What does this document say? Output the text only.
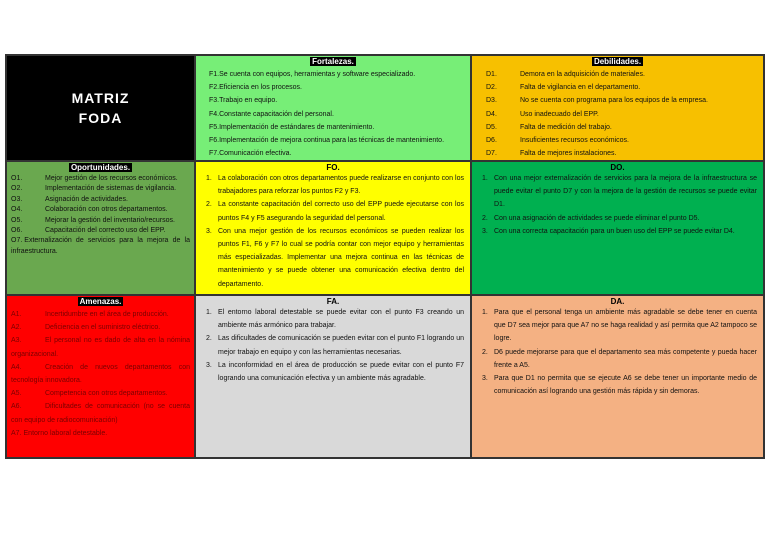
MATRIZ
FODA
Fortalezas.
F1.Se cuenta con equipos, herramientas y software especializado.
F2.Eficiencia en los procesos.
F3.Trabajo en equipo.
F4.Constante capacitación del personal.
F5.Implementación de estándares de mantenimiento.
F6.Implementación de mejora continua para las técnicas de mantenimiento.
F7.Comunicación efectiva.
Debilidades.
D1.	Demora en la adquisición de materiales.
D2.	Falta de vigilancia en el departamento.
D3.	No se cuenta con programa para los equipos de la empresa.
D4.	Uso inadecuado del EPP.
D5.	Falta de medición del trabajo.
D6.	Insuficientes recursos económicos.
D7.	Falta de mejores instalaciones.
Oportunidades.
O1.	Mejor gestión de los recursos económicos.
O2.	Implementación de sistemas de vigilancia.
O3.	Asignación de actividades.
O4.	Colaboración con otros departamentos.
O5.	Mejorar la gestión del inventario/recursos.
O6.	Capacitación del correcto uso del EPP.
O7. Externalización de servicios para la mejora de la infraestructura.
FO.
1. La colaboración con otros departamentos puede realizarse en conjunto con los trabajadores para reforzar los puntos F2 y F3.
2. La constante capacitación del correcto uso del EPP puede ejecutarse con los puntos F4 y F5 asegurando la seguridad del personal.
3. Con una mejor gestión de los recursos económicos se pueden realizar los puntos F1, F6 y F7 lo cual se podría contar con mejor equipo y herramientas más especializadas. Implementar una mejora continua en las técnicas de mantenimiento y se puede obtener una comunicación efectiva dentro del departamento.
DO.
1. Con una mejor externalización de servicios para la mejora de la infraestructura se puede evitar el punto D7 y con la mejora de la gestión de recursos se puede evitar D1.
2. Con una asignación de actividades se puede eliminar el punto D5.
3. Con una correcta capacitación para un buen uso del EPP se puede evitar D4.
Amenazas.
A1.	Incertidumbre en el área de producción.
A2.	Deficiencia en el suministro eléctrico.
A3.	El personal no es dado de alta en la nómina organizacional.
A4.	Creación de nuevos departamentos con tecnología innovadora.
A5.	Competencia con otros departamentos.
A6.	Dificultades de comunicación (no se cuenta con equipo de radiocomunicación)
A7. Entorno laboral detestable.
FA.
1. El entorno laboral detestable se puede evitar con el punto F3 creando un ambiente más armónico para trabajar.
2. Las dificultades de comunicación se pueden evitar con el punto F1 logrando un mejor trabajo en equipo y con las herramientas necesarias.
3. La inconformidad en el área de producción se puede evitar con el punto F7 logrando una comunicación efectiva y un ambiente más agradable.
DA.
1. Para que el personal tenga un ambiente más agradable se debe tener en cuenta que D7 sea mejor para que A7 no se haga realidad y así permita que A2 tampoco se logre.
2. D6 puede mejorarse para que el departamento sea más competente y pueda hacer frente a A5.
3. Para que D1 no permita que se ejecute A6 se debe tener un importante medio de comunicación así logrando una gestión más rápida y sin demoras.
